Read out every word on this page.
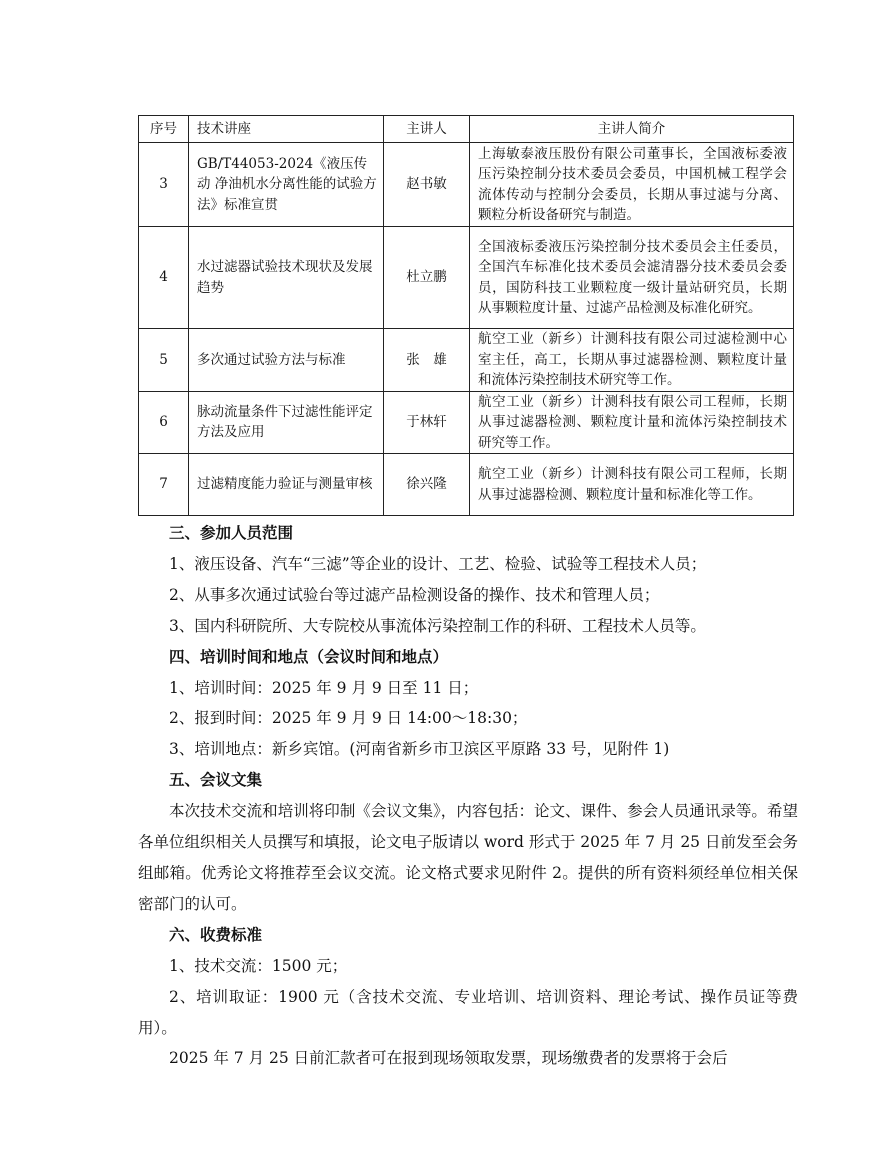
序号	技术讲座	主讲人	主讲人简介
3	GB/T44053-2024《液压传动 净油机水分离性能的试验方法》标准宣贯	赵书敏	上海敏泰液压股份有限公司董事长，全国液标委液压污染控制分技术委员会委员，中国机械工程学会流体传动与控制分会委员，长期从事过滤与分离、颗粒分析设备研究与制造。
4	水过滤器试验技术现状及发展趋势	杜立鹏	全国液标委液压污染控制分技术委员会主任委员，全国汽车标准化技术委员会滤清器分技术委员会委员，国防科技工业颗粒度一级计量站研究员，长期从事颗粒度计量、过滤产品检测及标准化研究。
5	多次通过试验方法与标准	张　雄	航空工业（新乡）计测科技有限公司过滤检测中心室主任，高工，长期从事过滤器检测、颗粒度计量和流体污染控制技术研究等工作。
6	脉动流量条件下过滤性能评定方法及应用	于林轩	航空工业（新乡）计测科技有限公司工程师，长期从事过滤器检测、颗粒度计量和流体污染控制技术研究等工作。
7	过滤精度能力验证与测量审核	徐兴隆	航空工业（新乡）计测科技有限公司工程师，长期从事过滤器检测、颗粒度计量和标准化等工作。

三、参加人员范围

1、液压设备、汽车“三滤”等企业的设计、工艺、检验、试验等工程技术人员；

2、从事多次通过试验台等过滤产品检测设备的操作、技术和管理人员；

3、国内科研院所、大专院校从事流体污染控制工作的科研、工程技术人员等。

四、培训时间和地点（会议时间和地点）

1、培训时间：2025 年 9 月 9 日至 11 日；

2、报到时间：2025 年 9 月 9 日 14:00～18:30；

3、培训地点：新乡宾馆。(河南省新乡市卫滨区平原路 33 号，见附件 1)

五、会议文集

本次技术交流和培训将印制《会议文集》，内容包括：论文、课件、参会人员通讯录等。希望各单位组织相关人员撰写和填报，论文电子版请以 word 形式于 2025 年 7 月 25 日前发至会务组邮箱。优秀论文将推荐至会议交流。论文格式要求见附件 2。提供的所有资料须经单位相关保密部门的认可。

六、收费标准

1、技术交流：1500 元；

2、培训取证：1900 元（含技术交流、专业培训、培训资料、理论考试、操作员证等费用）。

2025 年 7 月 25 日前汇款者可在报到现场领取发票，现场缴费者的发票将于会后
